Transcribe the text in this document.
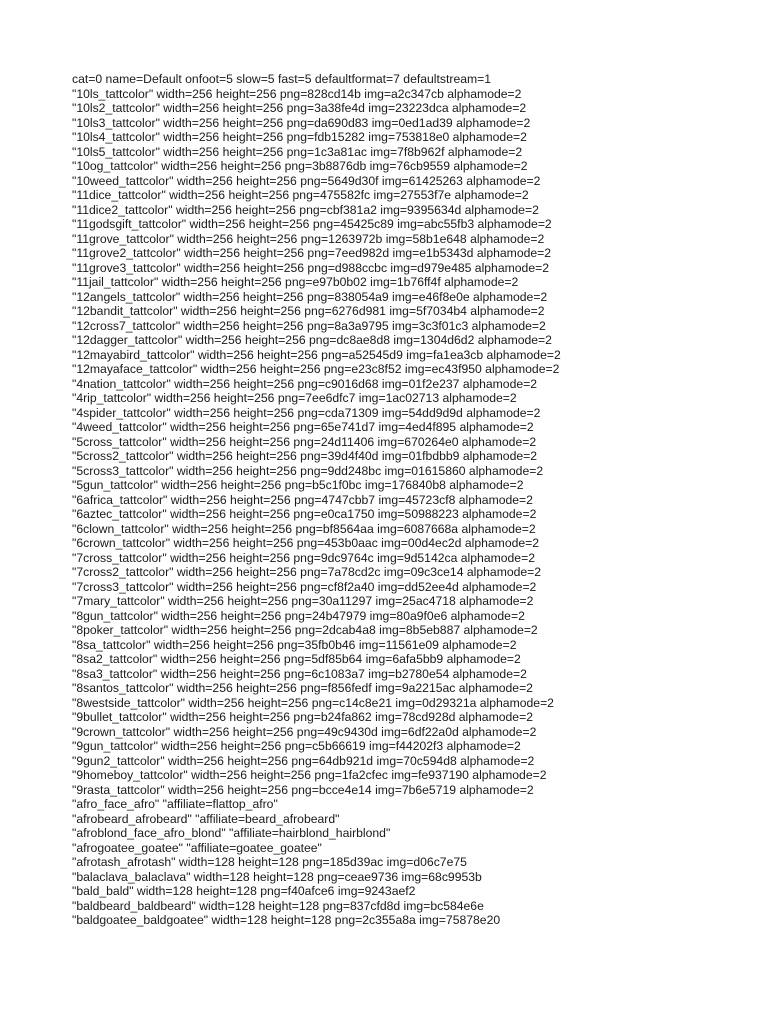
cat=0 name=Default onfoot=5 slow=5 fast=5 defaultformat=7 defaultstream=1
"10ls_tattcolor" width=256 height=256 png=828cd14b img=a2c347cb alphamode=2
"10ls2_tattcolor" width=256 height=256 png=3a38fe4d img=23223dca alphamode=2
"10ls3_tattcolor" width=256 height=256 png=da690d83 img=0ed1ad39 alphamode=2
"10ls4_tattcolor" width=256 height=256 png=fdb15282 img=753818e0 alphamode=2
"10ls5_tattcolor" width=256 height=256 png=1c3a81ac img=7f8b962f alphamode=2
"10og_tattcolor" width=256 height=256 png=3b8876db img=76cb9559 alphamode=2
"10weed_tattcolor" width=256 height=256 png=5649d30f img=61425263 alphamode=2
"11dice_tattcolor" width=256 height=256 png=475582fc img=27553f7e alphamode=2
"11dice2_tattcolor" width=256 height=256 png=cbf381a2 img=9395634d alphamode=2
"11godsgift_tattcolor" width=256 height=256 png=45425c89 img=abc55fb3 alphamode=2
"11grove_tattcolor" width=256 height=256 png=1263972b img=58b1e648 alphamode=2
"11grove2_tattcolor" width=256 height=256 png=7eed982d img=e1b5343d alphamode=2
"11grove3_tattcolor" width=256 height=256 png=d988ccbc img=d979e485 alphamode=2
"11jail_tattcolor" width=256 height=256 png=e97b0b02 img=1b76ff4f alphamode=2
"12angels_tattcolor" width=256 height=256 png=838054a9 img=e46f8e0e alphamode=2
"12bandit_tattcolor" width=256 height=256 png=6276d981 img=5f7034b4 alphamode=2
"12cross7_tattcolor" width=256 height=256 png=8a3a9795 img=3c3f01c3 alphamode=2
"12dagger_tattcolor" width=256 height=256 png=dc8ae8d8 img=1304d6d2 alphamode=2
"12mayabird_tattcolor" width=256 height=256 png=a52545d9 img=fa1ea3cb alphamode=2
"12mayaface_tattcolor" width=256 height=256 png=e23c8f52 img=ec43f950 alphamode=2
"4nation_tattcolor" width=256 height=256 png=c9016d68 img=01f2e237 alphamode=2
"4rip_tattcolor" width=256 height=256 png=7ee6dfc7 img=1ac02713 alphamode=2
"4spider_tattcolor" width=256 height=256 png=cda71309 img=54dd9d9d alphamode=2
"4weed_tattcolor" width=256 height=256 png=65e741d7 img=4ed4f895 alphamode=2
"5cross_tattcolor" width=256 height=256 png=24d11406 img=670264e0 alphamode=2
"5cross2_tattcolor" width=256 height=256 png=39d4f40d img=01fbdbb9 alphamode=2
"5cross3_tattcolor" width=256 height=256 png=9dd248bc img=01615860 alphamode=2
"5gun_tattcolor" width=256 height=256 png=b5c1f0bc img=176840b8 alphamode=2
"6africa_tattcolor" width=256 height=256 png=4747cbb7 img=45723cf8 alphamode=2
"6aztec_tattcolor" width=256 height=256 png=e0ca1750 img=50988223 alphamode=2
"6clown_tattcolor" width=256 height=256 png=bf8564aa img=6087668a alphamode=2
"6crown_tattcolor" width=256 height=256 png=453b0aac img=00d4ec2d alphamode=2
"7cross_tattcolor" width=256 height=256 png=9dc9764c img=9d5142ca alphamode=2
"7cross2_tattcolor" width=256 height=256 png=7a78cd2c img=09c3ce14 alphamode=2
"7cross3_tattcolor" width=256 height=256 png=cf8f2a40 img=dd52ee4d alphamode=2
"7mary_tattcolor" width=256 height=256 png=30a11297 img=25ac4718 alphamode=2
"8gun_tattcolor" width=256 height=256 png=24b47979 img=80a9f0e6 alphamode=2
"8poker_tattcolor" width=256 height=256 png=2dcab4a8 img=8b5eb887 alphamode=2
"8sa_tattcolor" width=256 height=256 png=35fb0b46 img=11561e09 alphamode=2
"8sa2_tattcolor" width=256 height=256 png=5df85b64 img=6afa5bb9 alphamode=2
"8sa3_tattcolor" width=256 height=256 png=6c1083a7 img=b2780e54 alphamode=2
"8santos_tattcolor" width=256 height=256 png=f856fedf img=9a2215ac alphamode=2
"8westside_tattcolor" width=256 height=256 png=c14c8e21 img=0d29321a alphamode=2
"9bullet_tattcolor" width=256 height=256 png=b24fa862 img=78cd928d alphamode=2
"9crown_tattcolor" width=256 height=256 png=49c9430d img=6df22a0d alphamode=2
"9gun_tattcolor" width=256 height=256 png=c5b66619 img=f44202f3 alphamode=2
"9gun2_tattcolor" width=256 height=256 png=64db921d img=70c594d8 alphamode=2
"9homeboy_tattcolor" width=256 height=256 png=1fa2cfec img=fe937190 alphamode=2
"9rasta_tattcolor" width=256 height=256 png=bcce4e14 img=7b6e5719 alphamode=2
"afro_face_afro" "affiliate=flattop_afro"
"afrobeard_afrobeard" "affiliate=beard_afrobeard"
"afroblond_face_afro_blond" "affiliate=hairblond_hairblond"
"afrogoatee_goatee" "affiliate=goatee_goatee"
"afrotash_afrotash" width=128 height=128 png=185d39ac img=d06c7e75
"balaclava_balaclava" width=128 height=128 png=ceae9736 img=68c9953b
"bald_bald" width=128 height=128 png=f40afce6 img=9243aef2
"baldbeard_baldbeard" width=128 height=128 png=837cfd8d img=bc584e6e
"baldgoatee_baldgoatee" width=128 height=128 png=2c355a8a img=75878e20
